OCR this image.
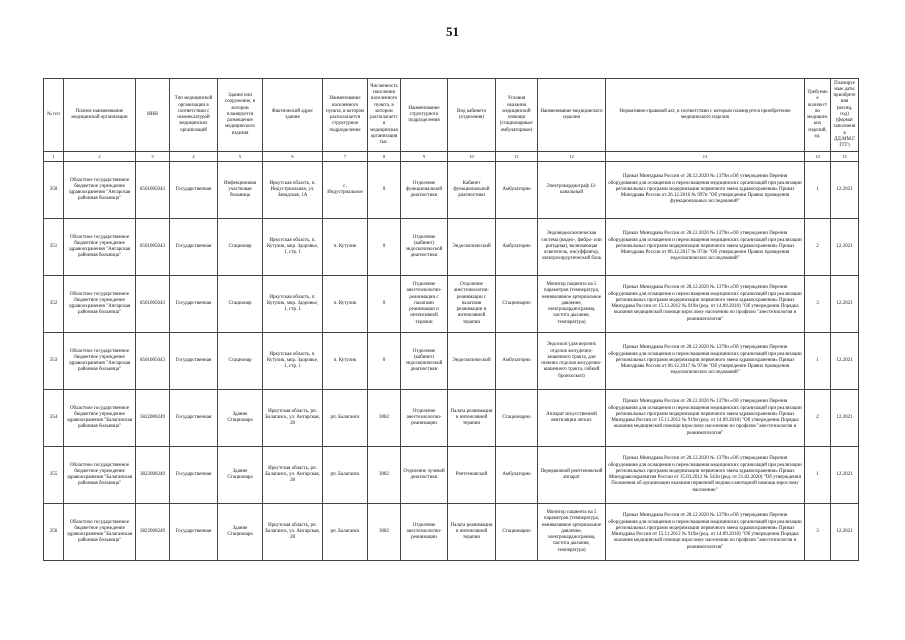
51
№ п/п	Полное наименование медицинской организации	ИНН	Тип медицинской организации в соответствии с номенклатурой медицинских организаций	Здание или сооружение, в котором планируется размещение медицинского изделия	Фактический адрес здания	Наименование населенного пункта, в котором располагается структурное подразделение	Численность населения населенного пункта, в котором располагается медицинская организация тыс.	Наименование структурного подразделения	Вид кабинета (отделения)	Условия оказания медицинской помощи (стационарные/амбулаторные)	Наименование медицинского изделия	Нормативно-правовой акт, в соответствии с которым планируется приобретение медицинского изделия	Требуемое количество медицинских изделий, ед.	Планируемые даты приобретения (месяц, год) (формат заполнения ДД.ММ.ГГГГ)
1	2	3	4	5	6	7	8	9	10	11	12	13	14	15
350	Областное государственное бюджетное учреждение здравоохранения "Ангарская районная больница"	8501005043	Государственная	Инфекционная участковая больница	Иркутская область, п. Индустриальная, ул. Заводская, 1А	с. Индустриальное	0	Отделение функциональной диагностики	Кабинет функциональной диагностики	Амбулаторно	Электрокардиограф 12-канальный	Приказ Минздрава России от 28.12.2020 № 1379н «Об утверждении Перечня оборудования для оснащения и переоснащения медицинских организаций при реализации региональных программ модернизации первичного звена здравоохранения» Приказ Минздрава России от 26.12.2016 № 997н "Об утверждении Правил проведения функциональных исследований"	1	12.2021
351	Областное государственное бюджетное учреждение здравоохранения "Ангарская районная больница"	8501005043	Государственная	Стационар	Иркутская область, п. Кутулик, мкр. Здоровье, 1, стр. 1	п. Кутулик	0	Отделение (кабинет) эндоскопической диагностики	Эндоскопический	Амбулаторно	Эндовидеоскопическая система (видео-, фибро- или ригидная), включающая осветитель, инсуффлятор, электрохирургический блок	Приказ Минздрава России от 28.12.2020 № 1379н «Об утверждении Перечня оборудования для оснащения и переоснащения медицинских организаций при реализации региональных программ модернизации первичного звена здравоохранения» Приказ Минздрава России от 06.12.2017 № 974н "Об утверждении Правил проведения эндоскопических исследований"	2	12.2021
352	Областное государственное бюджетное учреждение здравоохранения "Ангарская районная больница"	8501005043	Государственная	Стационар	Иркутская область, п. Кутулик, мкр. Здоровье, 1, стр. 1	п. Кутулик	0	Отделение анестезиологии-реанимации с палатами реанимации и интенсивной терапии	Отделение анестезиологии-реанимации с палатами реанимации и интенсивной терапии	Стационарно	Монитор пациента на 5 параметров (температура, неинвазивное артериальное давление, электрокардиограмма, частота дыхания, температура)	Приказ Минздрава России от 28.12.2020 № 1379н «Об утверждении Перечня оборудования для оснащения и переоснащения медицинских организаций при реализации региональных программ модернизации первичного звена здравоохранения» Приказ Минздрава России от 15.11.2012 № 919н (ред. от 14.09.2018) "Об утверждении Порядка оказания медицинской помощи взрослому населению по профилю "анестезиология и реаниматология"	3	12.2021
353	Областное государственное бюджетное учреждение здравоохранения "Ангарская районная больница"	8501005043	Государственная	Стационар	Иркутская область, п. Кутулик, мкр. Здоровье, 1, стр. 1	п. Кутулик	0	Отделение (кабинет) эндоскопической диагностики	Эндоскопический	Амбулаторно	Эндоскоп (для верхних отделов желудочно-кишечного тракта, для нижних отделов желудочно-кишечного тракта, гибкий бронхоскоп)	Приказ Минздрава России от 28.12.2020 № 1379н «Об утверждении Перечня оборудования для оснащения и переоснащения медицинских организаций при реализации региональных программ модернизации первичного звена здравоохранения» Приказ Минздрава России от 06.12.2017 № 974н "Об утверждении Правил проведения эндоскопических исследований"	1	12.2021
354	Областное государственное бюджетное учреждение здравоохранения "Балаганская районная больница"	3822000249	Государственная	Здание Стационара	Иркутская область, рп. Балаганск, ул. Ангарская, 28	рп. Балаганск	3082	Отделение анестезиологии-реанимации	Палата реанимации и интенсивной терапии	Стационарно	Аппарат искусственной вентиляции легких	Приказ Минздрава России от 28.12.2020 № 1379н «Об утверждении Перечня оборудования для оснащения и переоснащения медицинских организаций при реализации региональных программ модернизации первичного звена здравоохранения» Приказ Минздрава России от 15.11.2012 № 919н (ред. от 14.09.2018) "Об утверждении Порядка оказания медицинской помощи взрослому населению по профилю "анестезиология и реаниматология"	2	12.2021
355	Областное государственное бюджетное учреждение здравоохранения "Балаганская районная больница"	3822000249	Государственная	Здание Стационара	Иркутская область, рп. Балаганск, ул. Ангарская, 28	рп. Балаганск	3082	Отделение лучевой диагностики	Рентгеновский	Амбулаторно	Передвижной рентгеновский аппарат	Приказ Минздрава России от 28.12.2020 № 1379н «Об утверждении Перечня оборудования для оснащения и переоснащения медицинских организаций при реализации региональных программ модернизации первичного звена здравоохранения» Приказ Минздравсоцразвития России от 15.03.2012 № 543н (ред. от 21.02.2020) "Об утверждении Положения об организации оказания первичной медико-санитарной помощи взрослому населению"	1	12.2021
356	Областное государственное бюджетное учреждение здравоохранения "Балаганская районная больница"	3822000249	Государственная	Здание Стационара	Иркутская область, рп. Балаганск, ул. Ангарская, 28	рп. Балаганск	3082	Отделение анестезиологии-реанимации	Палата реанимации и интенсивной терапии	Стационарно	Монитор пациента на 5 параметров (температура, неинвазивное артериальное давление, электрокардиограмма, частота дыхания, температура)	Приказ Минздрава России от 28.12.2020 № 1379н «Об утверждении Перечня оборудования для оснащения и переоснащения медицинских организаций при реализации региональных программ модернизации первичного звена здравоохранения» Приказ Минздрава России от 15.11.2012 № 919н (ред. от 14.09.2018) "Об утверждении Порядка оказания медицинской помощи взрослому населению по профилю "анестезиология и реаниматология"	3	12.2021
